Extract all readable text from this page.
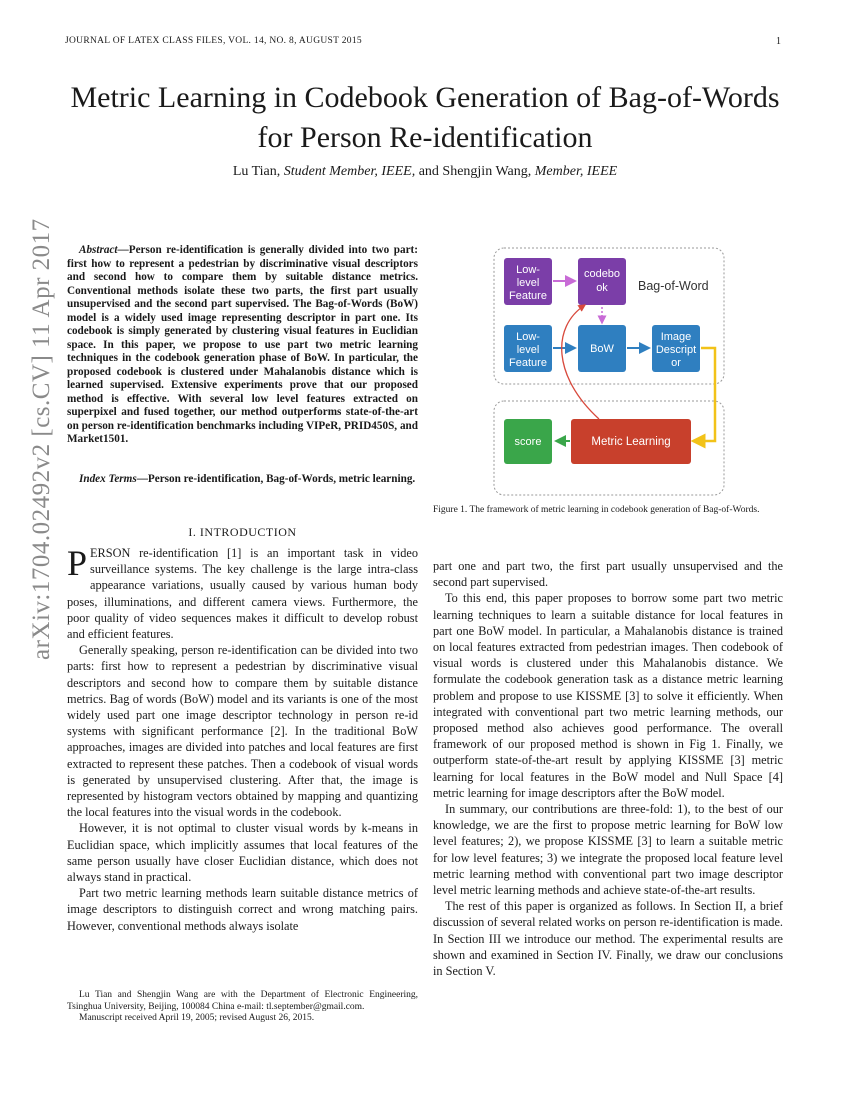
JOURNAL OF LATEX CLASS FILES, VOL. 14, NO. 8, AUGUST 2015	1
arXiv:1704.02492v2 [cs.CV] 11 Apr 2017
Metric Learning in Codebook Generation of Bag-of-Words for Person Re-identification
Lu Tian, Student Member, IEEE, and Shengjin Wang, Member, IEEE
Abstract—Person re-identification is generally divided into two part: first how to represent a pedestrian by discriminative visual descriptors and second how to compare them by suitable distance metrics. Conventional methods isolate these two parts, the first part usually unsupervised and the second part supervised. The Bag-of-Words (BoW) model is a widely used image representing descriptor in part one. Its codebook is simply generated by clustering visual features in Euclidian space. In this paper, we propose to use part two metric learning techniques in the codebook generation phase of BoW. In particular, the proposed codebook is clustered under Mahalanobis distance which is learned supervised. Extensive experiments prove that our proposed method is effective. With several low level features extracted on superpixel and fused together, our method outperforms state-of-the-art on person re-identification benchmarks including VIPeR, PRID450S, and Market1501.
Index Terms—Person re-identification, Bag-of-Words, metric learning.
I. INTRODUCTION

PERSON re-identification [1] is an important task in video surveillance systems. The key challenge is the large intra-class appearance variations, usually caused by various human body poses, illuminations, and different camera views. Furthermore, the poor quality of video sequences makes it difficult to develop robust and efficient features.

Generally speaking, person re-identification can be divided into two parts: first how to represent a pedestrian by discriminative visual descriptors and second how to compare them by suitable distance metrics. Bag of words (BoW) model and its variants is one of the most widely used part one image descriptor technology in person re-id systems with significant performance [2]. In the traditional BoW approaches, images are divided into patches and local features are first extracted to represent these patches. Then a codebook of visual words is generated by unsupervised clustering. After that, the image is represented by histogram vectors obtained by mapping and quantizing the local features into the visual words in the codebook.

However, it is not optimal to cluster visual words by k-means in Euclidian space, which implicitly assumes that local features of the same person usually have closer Euclidian distance, which does not always stand in practical.

Part two metric learning methods learn suitable distance metrics of image descriptors to distinguish correct and wrong matching pairs. However, conventional methods always isolate

Lu Tian and Shengjin Wang are with the Department of Electronic Engineering, Tsinghua University, Beijing, 100084 China e-mail: tl.september@gmail.com.

Manuscript received April 19, 2005; revised August 26, 2015.

Low-
level
Feature
codebo
ok Bag-of-Word
Low-
level
Feature
BoW
Image
Descript
or
Metric Learning
score
Figure 1. The framework of metric learning in codebook generation of Bag-of-Words.

part one and part two, the first part usually unsupervised and the second part supervised.

To this end, this paper proposes to borrow some part two metric learning techniques to learn a suitable distance for local features in part one BoW model. In particular, a Mahalanobis distance is trained on local features extracted from pedestrian images. Then codebook of visual words is clustered under this Mahalanobis distance. We formulate the codebook generation task as a distance metric learning problem and propose to use KISSME [3] to solve it efficiently. When integrated with conventional part two metric learning methods, our proposed method also achieves good performance. The overall framework of our proposed method is shown in Fig 1. Finally, we outperform state-of-the-art result by applying KISSME [3] metric learning for local features in the BoW model and Null Space [4] metric learning for image descriptors after the BoW model.

In summary, our contributions are three-fold: 1), to the best of our knowledge, we are the first to propose metric learning for BoW low level features; 2), we propose KISSME [3] to learn a suitable metric for low level features; 3) we integrate the proposed local feature level metric learning method with conventional part two image descriptor level metric learning methods and achieve state-of-the-art results.

The rest of this paper is organized as follows. In Section II, a brief discussion of several related works on person re-identification is made. In Section III we introduce our method. The experimental results are shown and examined in Section IV. Finally, we draw our conclusions in Section V.
